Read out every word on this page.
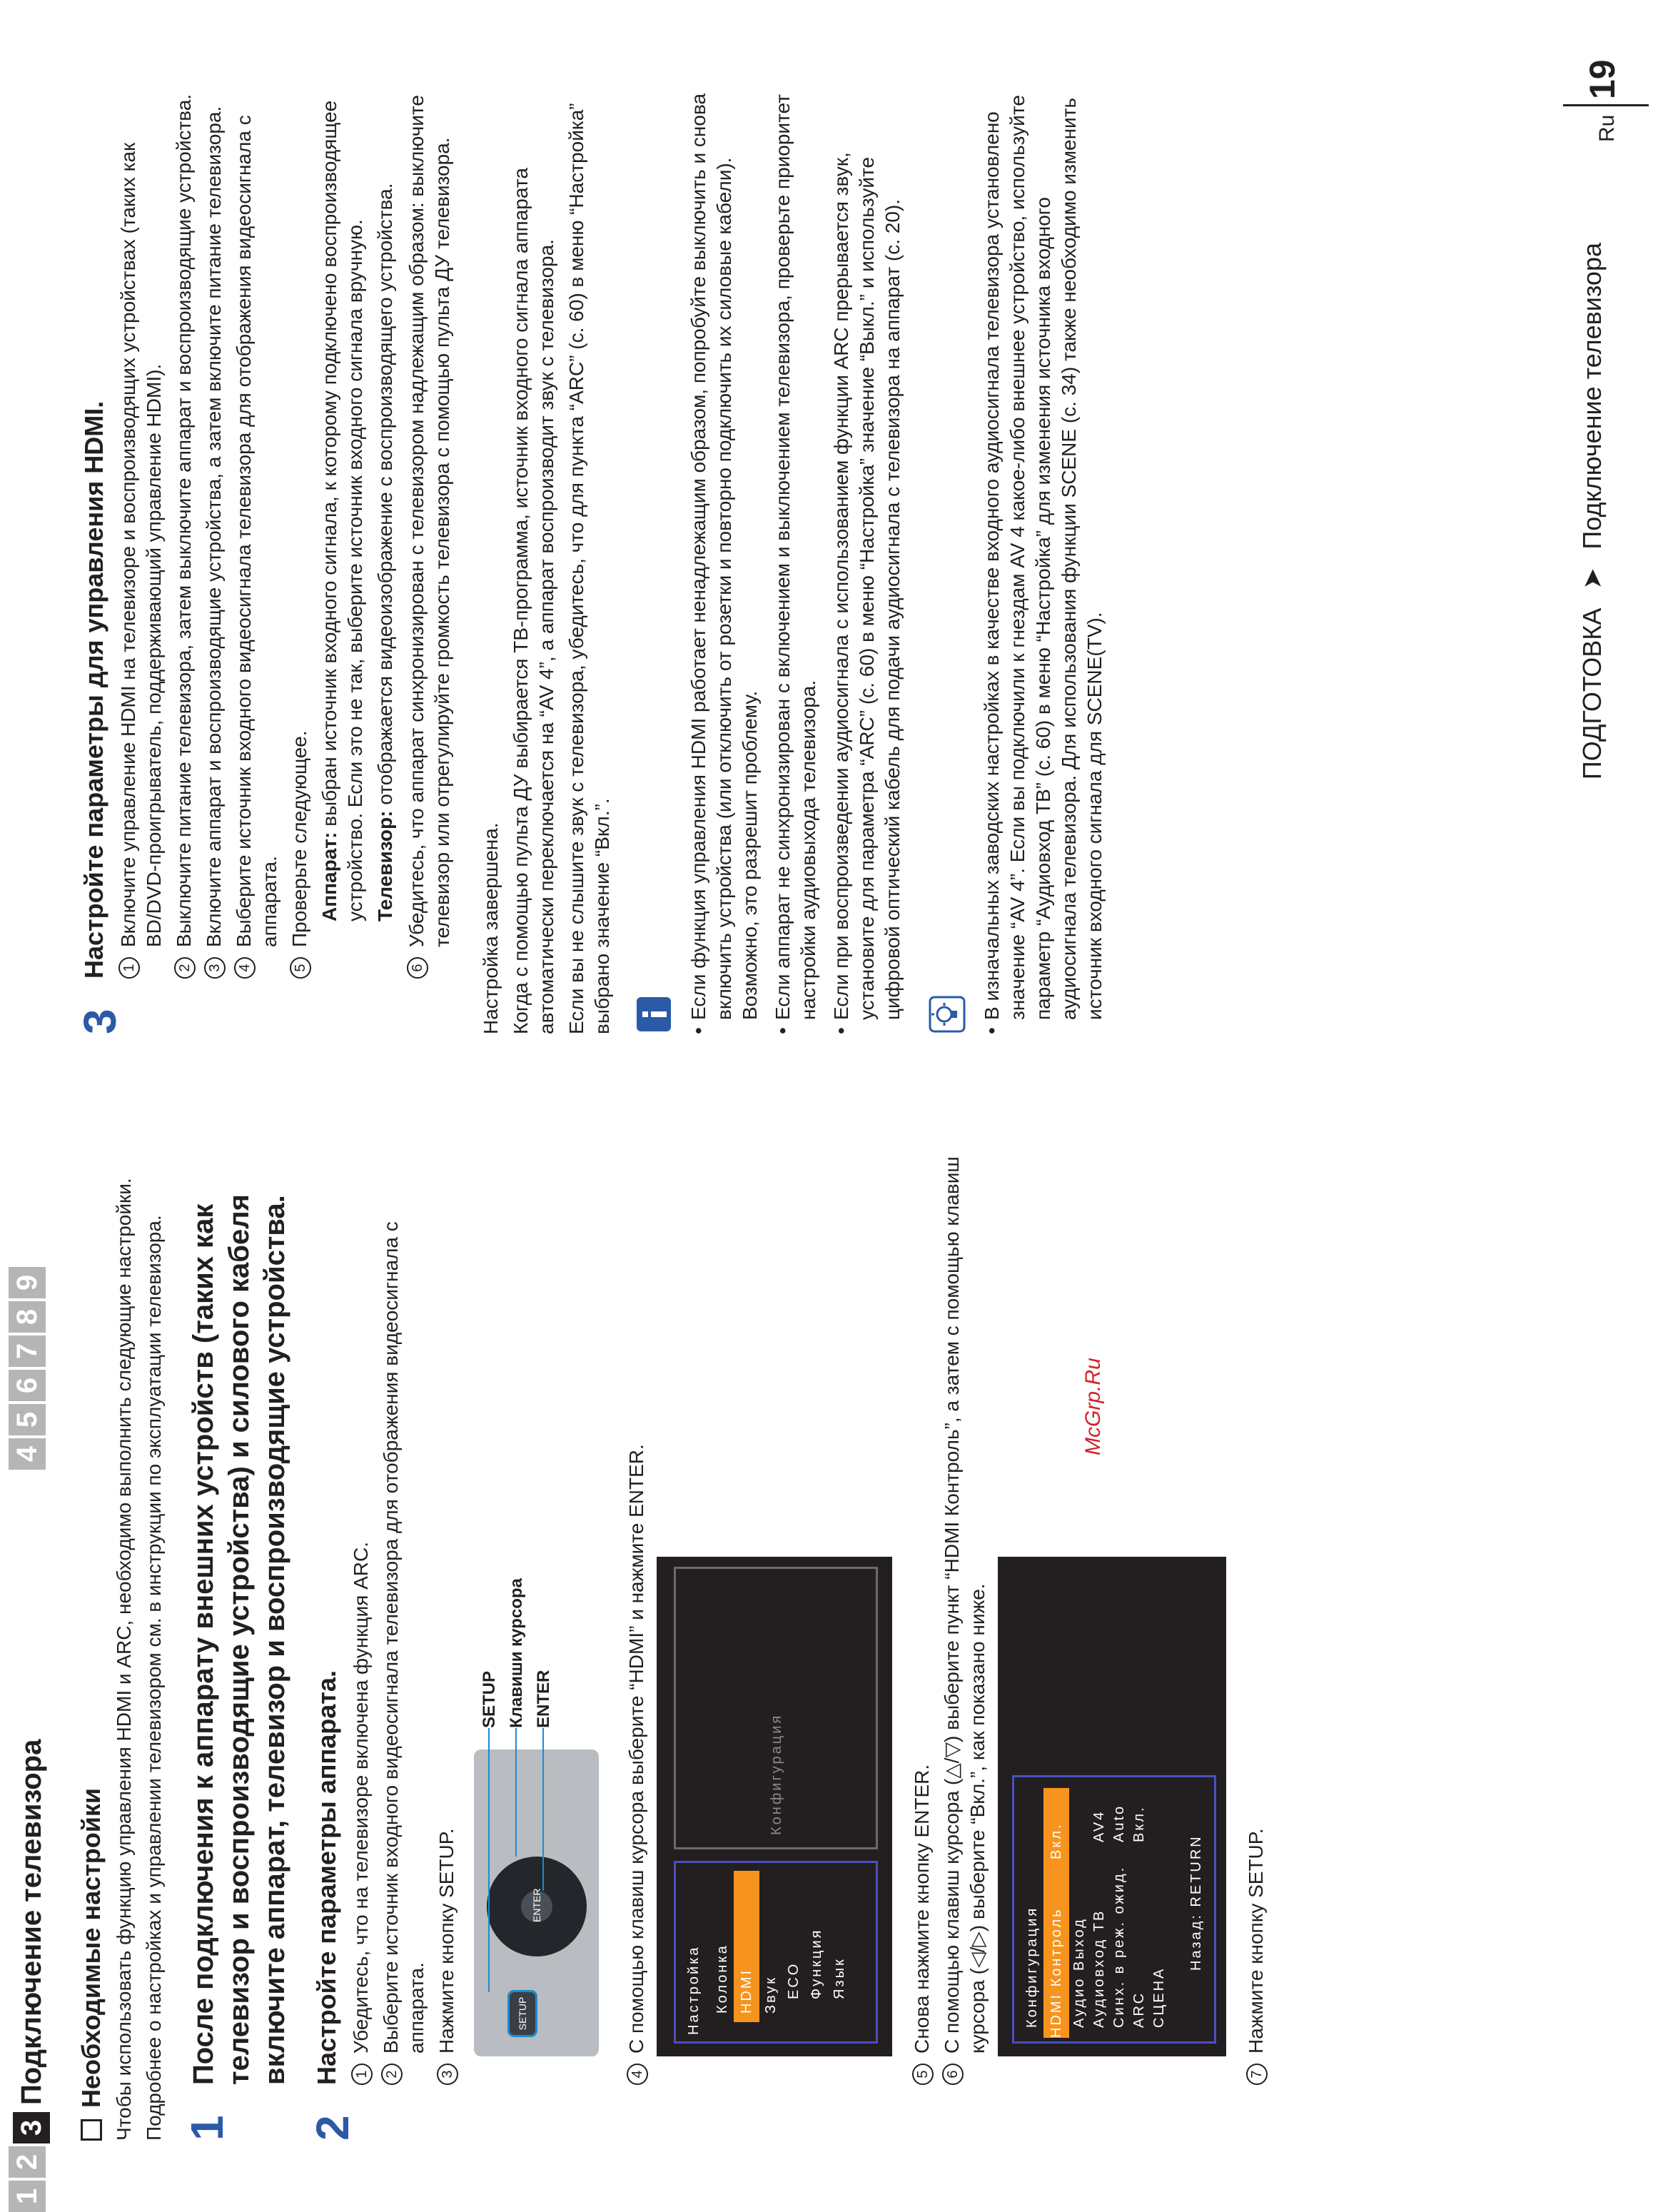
1
2
3Подключение телевизора
4
5
6
7
8
9
Необходимые настройки Чтобы использовать функцию управления HDMI и ARC, необходимо выполнить следующие настройки. Подробнее о настройках и управлении телевизором см. в инструкции по эксплуатации телевизора. 1
После подключения к аппарату внешних устройств (таких как телевизор и воспроизводящие устройства) и силового кабеля включите аппарат, телевизор и воспроизводящие устройства.
2
Настройте параметры аппарата. 1
Убедитесь, что на телевизоре включена функция ARC.
2
Выберите источник входного видеосигнала телевизора для отображения видеосигнала с аппарата.
3
Нажмите кнопку SETUP.	SETUP
ENTER
SETUP Клавиши курсора ENTER
4
С помощью клавиш курсора выберите “HDMI” и нажмите ENTER.	Настройка Колонка HDMI Звук ECO Функция Язык
Конфигурация
5
Снова нажмите кнопку ENTER.
6
С помощью клавиш курсора (△/▽) выберите пункт “HDMI Контроль”, а затем с помощью клавиш курсора (◁/▷) выберите “Вкл.”, как показано ниже.	Конфигурация HDMI Контроль
Вкл.
Аудио Выход Аудиовход ТВ
AV4
Синх. в реж. ожид.
Auto
ARC
Вкл.
СЦЕНА
Назад: RETURN
7
Нажмите кнопку SETUP.
3
Настройте параметры для управления HDMI. 1
Включите управление HDMI на телевизоре и воспроизводящих устройствах (таких как BD/DVD-проигрыватель, поддерживающий управление HDMI).
2
Выключите питание телевизора, затем выключите аппарат и воспроизводящие устройства.
3
Включите аппарат и воспроизводящие устройства, а затем включите питание телевизора.
4
Выберите источник входного видеосигнала телевизора для отображения видеосигнала с аппарата.
5
Проверьте следующее. Аппарат: выбран источник входного сигнала, к которому подключено воспроизводящее устройство. Если это не так, выберите источник входного сигнала вручную. Телевизор: отображается видеоизображение с воспроизводящего устройства.

6
Убедитесь, что аппарат синхронизирован с телевизором надлежащим образом: выключите телевизор или отрегулируйте громкость телевизора с помощью пульта ДУ телевизора. Настройка завершена. Когда с помощью пульта ДУ выбирается ТВ-программа, источник входного сигнала аппарата автоматически переключается на “AV 4”, а аппарат воспроизводит звук с телевизора. Если вы не слышите звук с телевизора, убедитесь, что для пункта “ARC” (с. 60) в меню “Настройка” выбрано значение “Вкл.”.	• Если функция управления HDMI работает ненадлежащим образом, попробуйте выключить и снова включить устройства (или отключить от розетки и повторно подключить их силовые кабели). Возможно, это разрешит проблему. • Если аппарат не синхронизирован с включением и выключением телевизора, проверьте приоритет настройки аудиовыхода телевизора. • Если при воспроизведении аудиосигнала с использованием функции ARC прерывается звук, установите для параметра “ARC” (с. 60) в меню “Настройка” значение “Выкл.” и используйте цифровой оптический кабель для подачи аудиосигнала с телевизора на аппарат (с. 20).	• В изначальных заводских настройках в качестве входного аудиосигнала телевизора установлено значение “AV 4”. Если вы подключили к гнездам AV 4 какое-либо внешнее устройство, используйте параметр “Аудиовход ТВ” (с. 60) в меню “Настройка” для изменения источника входного аудиосигнала телевизора. Для использования функции SCENE (с. 34) также необходимо изменить источник входного сигнала для SCENE(TV).
McGrp.Ru
ПОДГОТОВКА➤Подключение телевизора
Ru
19
